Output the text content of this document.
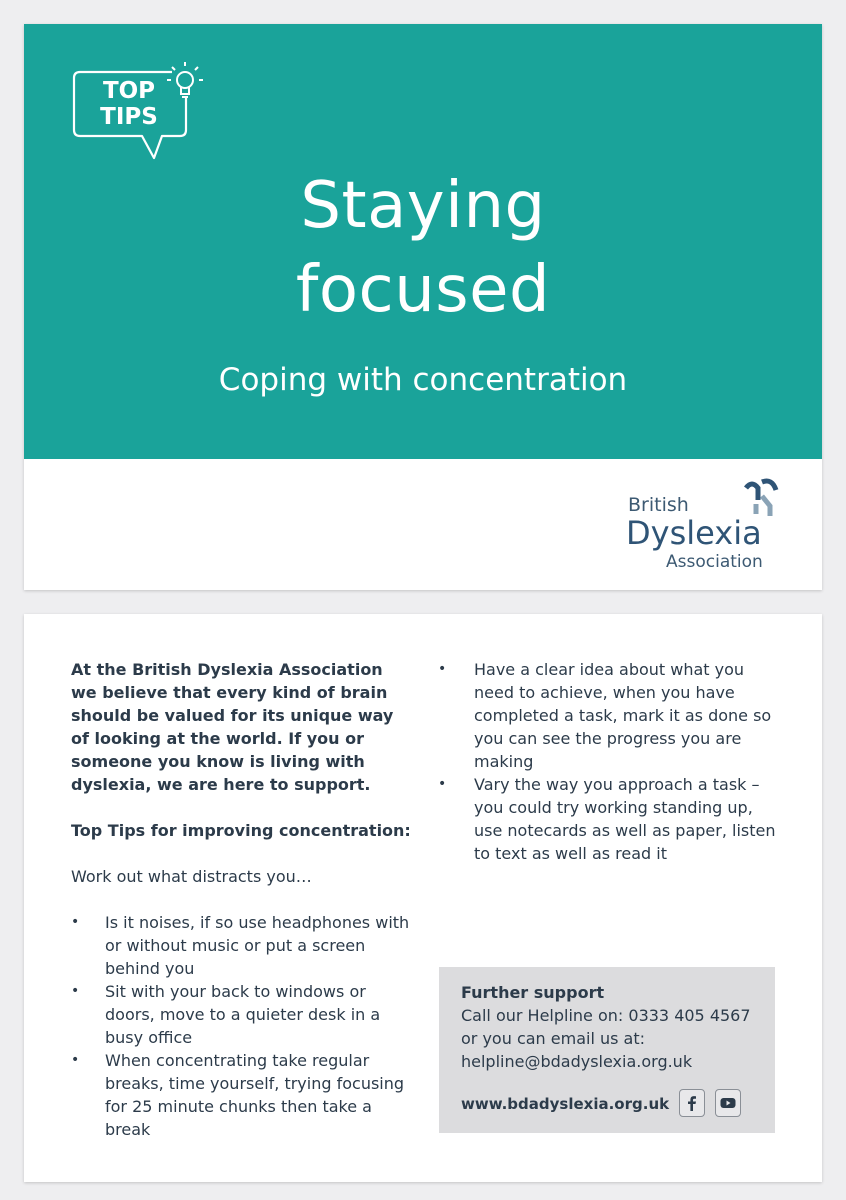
TOP
TIPS
Staying
focused
Coping with concentration
British
Dyslexia
Association

At the British Dyslexia Association we believe that every kind of brain should be valued for its unique way of looking at the world. If you or someone you know is living with dyslexia, we are here to support.

Top Tips for improving concentration:

Work out what distracts you…

• Is it noises, if so use headphones with or without music or put a screen behind you
• Sit with your back to windows or doors, move to a quieter desk in a busy office
• When concentrating take regular breaks, time yourself, trying focusing for 25 minute chunks then take a break
• Have a clear idea about what you need to achieve, when you have completed a task, mark it as done so you can see the progress you are making
• Vary the way you approach a task – you could try working standing up, use notecards as well as paper, listen to text as well as read it
Further support
Call our Helpline on: 0333 405 4567
or you can email us at:
helpline@bdadyslexia.org.uk
www.bdadyslexia.org.uk
